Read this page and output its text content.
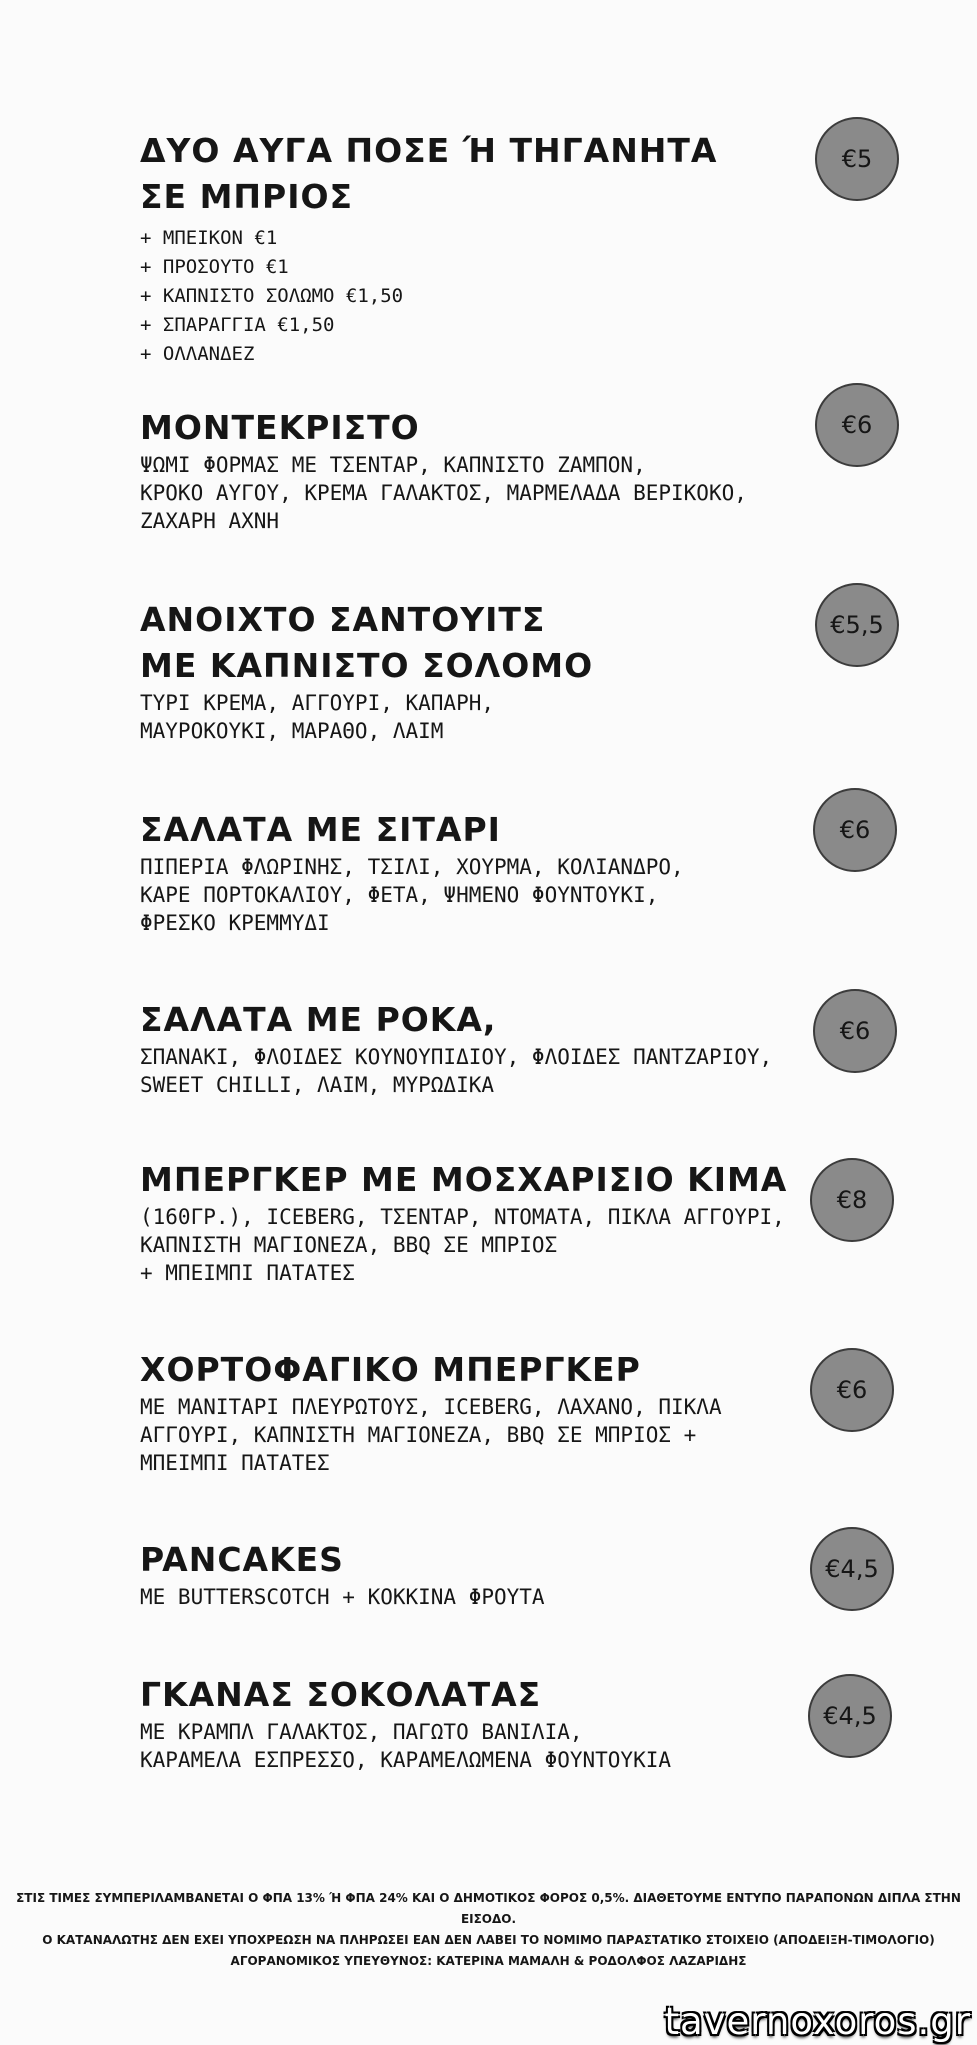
ΔΥΟ ΑΥΓΑ ΠΟΣΕ Ή ΤΗΓΑΝΗΤΑ
ΣΕ ΜΠΡΙΟΣ
+ ΜΠΕΙΚΟΝ €1
+ ΠΡΟΣΟΥΤΟ €1
+ ΚΑΠΝΙΣΤΟ ΣΟΛΩΜΟ €1,50
+ ΣΠΑΡΑΓΓΙΑ €1,50
+ ΟΛΛΑΝΔΕΖ
€5
ΜΟΝΤΕΚΡΙΣΤΟ

ΨΩΜΙ ΦΟΡΜΑΣ ΜΕ ΤΣΕΝΤΑΡ, ΚΑΠΝΙΣΤΟ ΖΑΜΠΟΝ,
ΚΡΟΚΟ ΑΥΓΟΥ, ΚΡΕΜΑ ΓΑΛΑΚΤΟΣ, ΜΑΡΜΕΛΑΔΑ ΒΕΡΙΚΟΚΟ,
ΖΑΧΑΡΗ ΑΧΝΗ

€6
ΑΝΟΙΧΤΟ ΣΑΝΤΟΥΙΤΣ
ΜΕ ΚΑΠΝΙΣΤΟ ΣΟΛΟΜΟ

ΤΥΡΙ ΚΡΕΜΑ, ΑΓΓΟΥΡΙ, ΚΑΠΑΡΗ,
ΜΑΥΡΟΚΟΥΚΙ, ΜΑΡΑΘΟ, ΛΑΙΜ

€5,5
ΣΑΛΑΤΑ ΜΕ ΣΙΤΑΡΙ

ΠΙΠΕΡΙΑ ΦΛΩΡΙΝΗΣ, ΤΣΙΛΙ, ΧΟΥΡΜΑ, ΚΟΛΙΑΝΔΡΟ,
ΚΑΡΕ ΠΟΡΤΟΚΑΛΙΟΥ, ΦΕΤΑ, ΨΗΜΕΝΟ ΦΟΥΝΤΟΥΚΙ,
ΦΡΕΣΚΟ ΚΡΕΜΜΥΔΙ

€6
ΣΑΛΑΤΑ ΜΕ ΡΟΚΑ,

ΣΠΑΝΑΚΙ, ΦΛΟΙΔΕΣ ΚΟΥΝΟΥΠΙΔΙΟΥ, ΦΛΟΙΔΕΣ ΠΑΝΤΖΑΡΙΟΥ,
SWEET CHILLI, ΛΑΙΜ, ΜΥΡΩΔΙΚΑ

€6
ΜΠΕΡΓΚΕΡ ΜΕ ΜΟΣΧΑΡΙΣΙΟ ΚΙΜΑ

(160ΓΡ.), ICEBERG, ΤΣΕΝΤΑΡ, ΝΤΟΜΑΤΑ, ΠΙΚΛΑ ΑΓΓΟΥΡΙ,
ΚΑΠΝΙΣΤΗ ΜΑΓΙΟΝΕΖΑ, BBQ ΣΕ ΜΠΡΙΟΣ
+ ΜΠΕΙΜΠΙ ΠΑΤΑΤΕΣ

€8
ΧΟΡΤΟΦΑΓΙΚΟ ΜΠΕΡΓΚΕΡ

ΜΕ ΜΑΝΙΤΑΡΙ ΠΛΕΥΡΩΤΟΥΣ, ICEBERG, ΛΑΧΑΝΟ, ΠΙΚΛΑ
ΑΓΓΟΥΡΙ, ΚΑΠΝΙΣΤΗ ΜΑΓΙΟΝΕΖΑ, BBQ ΣΕ ΜΠΡΙΟΣ +
ΜΠΕΙΜΠΙ ΠΑΤΑΤΕΣ

€6
PANCAKES

ΜΕ BUTTERSCOTCH + ΚΟΚΚΙΝΑ ΦΡΟΥΤΑ

€4,5
ΓΚΑΝΑΣ ΣΟΚΟΛΑΤΑΣ

ΜΕ ΚΡΑΜΠΛ ΓΑΛΑΚΤΟΣ, ΠΑΓΩΤΟ ΒΑΝΙΛΙΑ,
ΚΑΡΑΜΕΛΑ ΕΣΠΡΕΣΣΟ, ΚΑΡΑΜΕΛΩΜΕΝΑ ΦΟΥΝΤΟΥΚΙΑ

€4,5

ΣΤΙΣ ΤΙΜΕΣ ΣΥΜΠΕΡΙΛΑΜΒΑΝΕΤΑΙ Ο ΦΠΑ 13% Ή ΦΠΑ 24% ΚΑΙ Ο ΔΗΜΟΤΙΚΟΣ ΦΟΡΟΣ 0,5%. ΔΙΑΘΕΤΟΥΜΕ ΕΝΤΥΠΟ ΠΑΡΑΠΟΝΩΝ ΔΙΠΛΑ ΣΤΗΝ ΕΙΣΟΔΟ.

Ο ΚΑΤΑΝΑΛΩΤΗΣ ΔΕΝ ΕΧΕΙ ΥΠΟΧΡΕΩΣΗ ΝΑ ΠΛΗΡΩΣΕΙ ΕΑΝ ΔΕΝ ΛΑΒΕΙ ΤΟ ΝΟΜΙΜΟ ΠΑΡΑΣΤΑΤΙΚΟ ΣΤΟΙΧΕΙΟ (ΑΠΟΔΕΙΞΗ-ΤΙΜΟΛΟΓΙΟ)

ΑΓΟΡΑΝΟΜΙΚΟΣ ΥΠΕΥΘΥΝΟΣ: ΚΑΤΕΡΙΝΑ ΜΑΜΑΛΗ & ΡΟΔΟΛΦΟΣ ΛΑΖΑΡΙΔΗΣ

tavernoxoros.gr
